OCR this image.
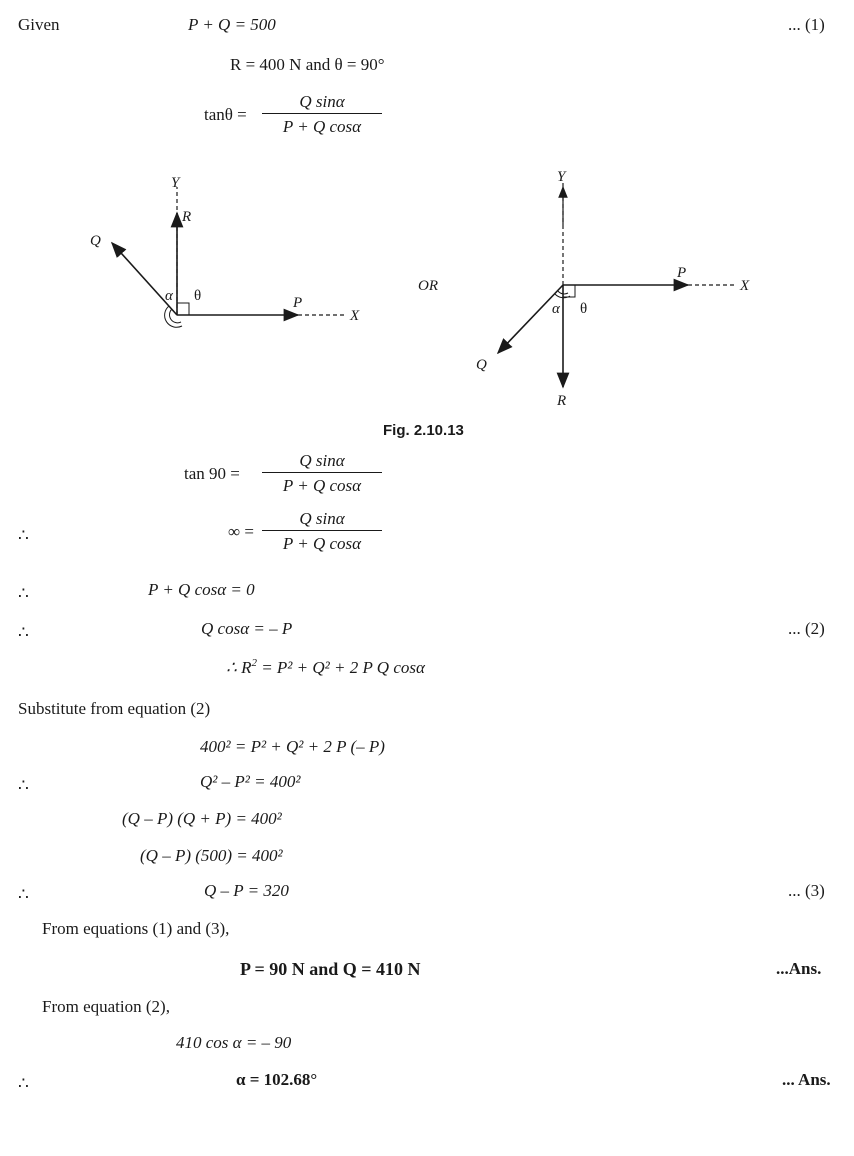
Given	P + Q = 500	... (1)
R = 400 N and θ = 90°
tanθ =
Q sinα
P + Q cosα
Y
R
Q
α θ	P
X
OR
Y
P
X
α θ
Q
R
Fig. 2.10.13
tan 90 =
Q sinα
P + Q cosα
∴	∞ =
Q sinα
P + Q cosα
∴	P + Q cosα = 0
∴	Q cosα = – P	... (2)
∴ $R^2 = P^2 + Q^2 + 2$ P Q cosα
Substitute from equation (2)
400² = P² + Q² + 2 P (– P)
∴	Q² – P² = 400²
(Q – P) (Q + P) = 400²
(Q – P) (500) = 400²
∴	Q – P = 320	... (3)
From equations (1) and (3),
P = 90 N and Q = 410 N	...Ans.
From equation (2),
410 cos α = – 90
∴	α = 102.68°	... Ans.
